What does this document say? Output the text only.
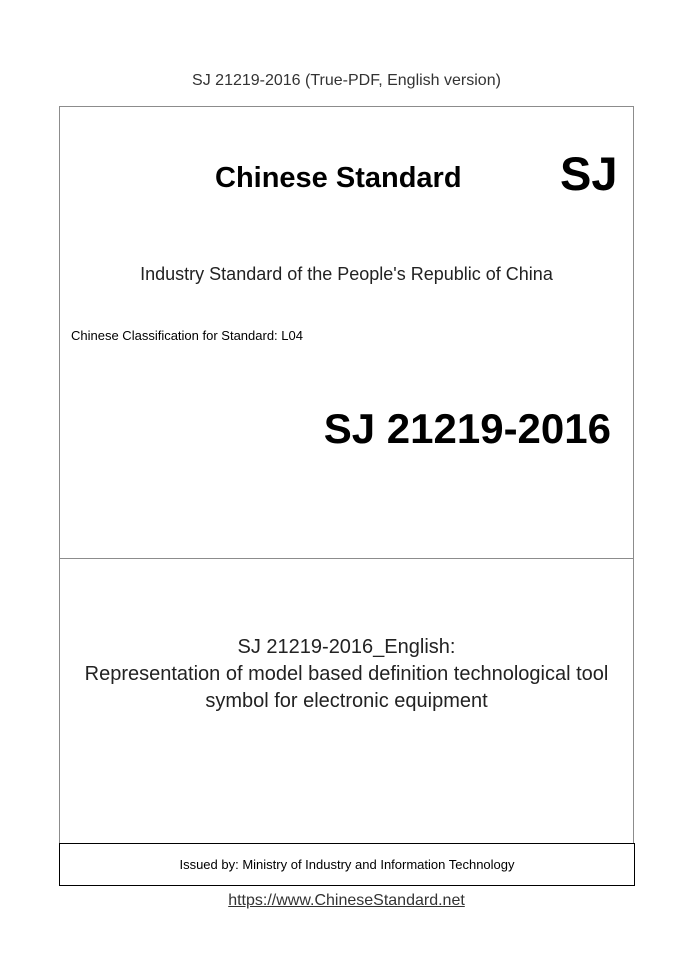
SJ 21219-2016 (True-PDF, English version)
Chinese Standard SJ
Industry Standard of the People's Republic of China
Chinese Classification for Standard: L04
SJ 21219-2016
SJ 21219-2016_English:
Representation of model based definition technological tool
symbol for electronic equipment
Issued by: Ministry of Industry and Information Technology
https://www.ChineseStandard.net
